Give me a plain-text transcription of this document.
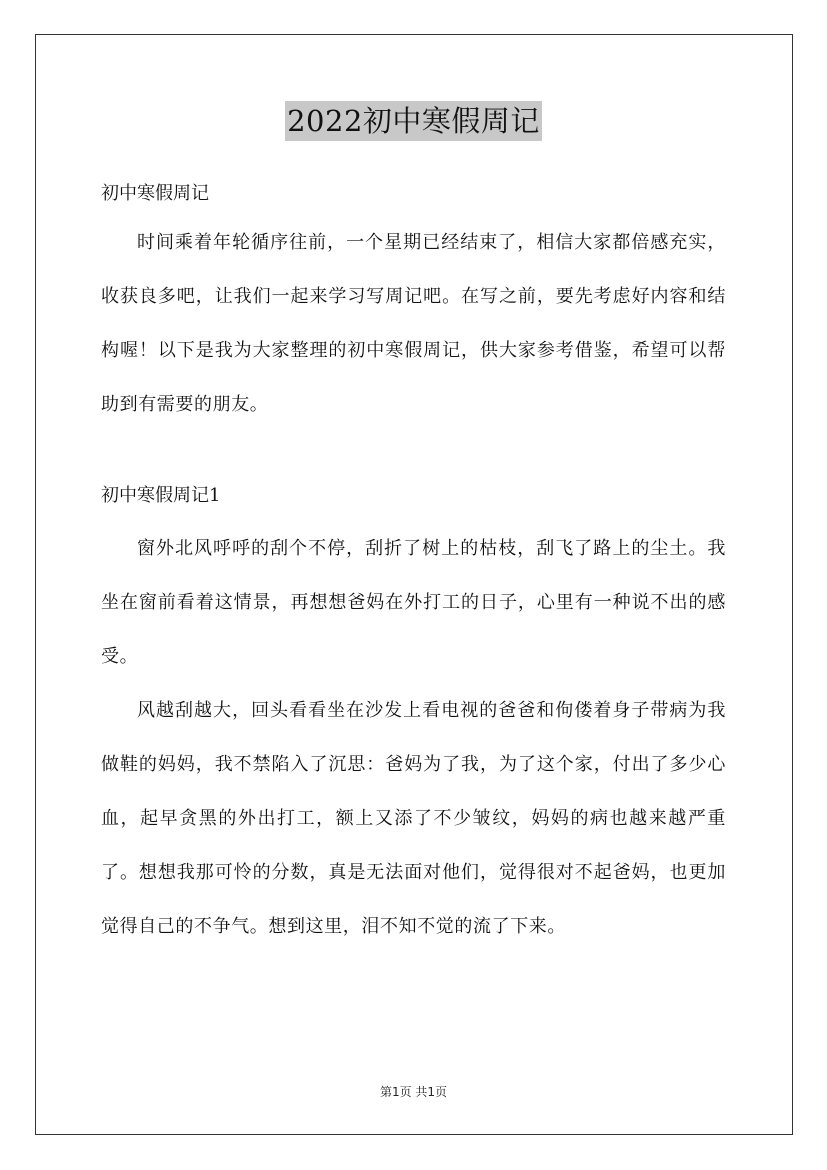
2022初中寒假周记

初中寒假周记

时间乘着年轮循序往前，一个星期已经结束了，相信大家都倍感充实，收获良多吧，让我们一起来学习写周记吧。在写之前，要先考虑好内容和结构喔！以下是我为大家整理的初中寒假周记，供大家参考借鉴，希望可以帮助到有需要的朋友。

初中寒假周记1

窗外北风呼呼的刮个不停，刮折了树上的枯枝，刮飞了路上的尘土。我坐在窗前看着这情景，再想想爸妈在外打工的日子，心里有一种说不出的感受。

风越刮越大，回头看看坐在沙发上看电视的爸爸和佝偻着身子带病为我做鞋的妈妈，我不禁陷入了沉思：爸妈为了我，为了这个家，付出了多少心血，起早贪黑的外出打工，额上又添了不少皱纹，妈妈的病也越来越严重了。想想我那可怜的分数，真是无法面对他们，觉得很对不起爸妈，也更加觉得自己的不争气。想到这里，泪不知不觉的流了下来。

第1页 共1页
